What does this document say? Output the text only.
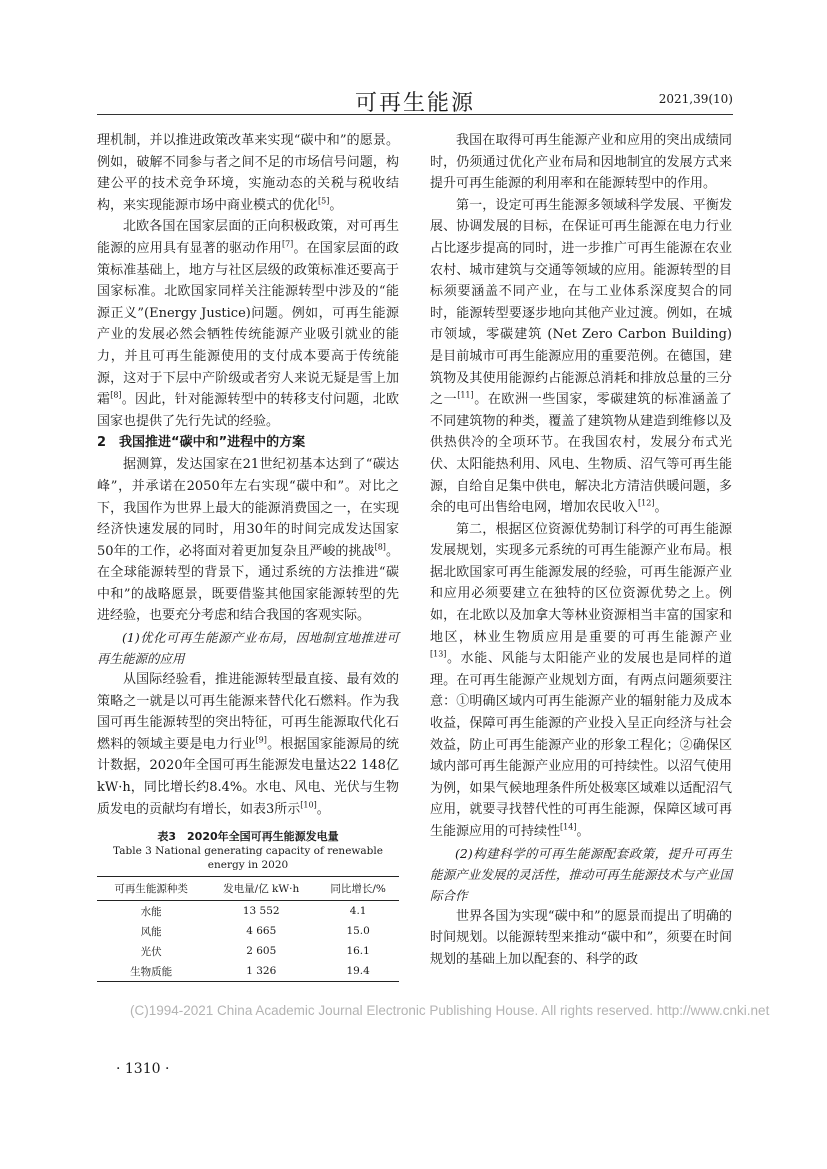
可再生能源	2021,39(10)

理机制，并以推进政策改革来实现“碳中和”的愿景。例如，破解不同参与者之间不足的市场信号问题，构建公平的技术竞争环境，实施动态的关税与税收结构，来实现能源市场中商业模式的优化[5]。

北欧各国在国家层面的正向积极政策，对可再生能源的应用具有显著的驱动作用[7]。在国家层面的政策标准基础上，地方与社区层级的政策标准还要高于国家标准。北欧国家同样关注能源转型中涉及的“能源正义”(Energy Justice)问题。例如，可再生能源产业的发展必然会牺牲传统能源产业吸引就业的能力，并且可再生能源使用的支付成本要高于传统能源，这对于下层中产阶级或者穷人来说无疑是雪上加霜[8]。因此，针对能源转型中的转移支付问题，北欧国家也提供了先行先试的经验。

2　我国推进“碳中和”进程中的方案

据测算，发达国家在21世纪初基本达到了“碳达峰”，并承诺在2050年左右实现“碳中和”。对比之下，我国作为世界上最大的能源消费国之一，在实现经济快速发展的同时，用30年的时间完成发达国家50年的工作，必将面对着更加复杂且严峻的挑战[8]。在全球能源转型的背景下，通过系统的方法推进“碳中和”的战略愿景，既要借鉴其他国家能源转型的先进经验，也要充分考虑和结合我国的客观实际。

(1)优化可再生能源产业布局，因地制宜地推进可再生能源的应用

从国际经验看，推进能源转型最直接、最有效的策略之一就是以可再生能源来替代化石燃料。作为我国可再生能源转型的突出特征，可再生能源取代化石燃料的领域主要是电力行业[9]。根据国家能源局的统计数据，2020年全国可再生能源发电量达22 148亿kW·h，同比增长约8.4%。水电、风电、光伏与生物质发电的贡献均有增长，如表3所示[10]。

表3　2020年全国可再生能源发电量
Table 3 National generating capacity of renewable energy in 2020
可再生能源种类	发电量/亿 kW·h	同比增长/%
水能	13 552	4.1
风能	4 665	15.0
光伏	2 605	16.1
生物质能	1 326	19.4

我国在取得可再生能源产业和应用的突出成绩同时，仍须通过优化产业布局和因地制宜的发展方式来提升可再生能源的利用率和在能源转型中的作用。

第一，设定可再生能源多领域科学发展、平衡发展、协调发展的目标，在保证可再生能源在电力行业占比逐步提高的同时，进一步推广可再生能源在农业农村、城市建筑与交通等领域的应用。能源转型的目标须要涵盖不同产业，在与工业体系深度契合的同时，能源转型要逐步地向其他产业过渡。例如，在城市领域，零碳建筑 (Net Zero Carbon Building)是目前城市可再生能源应用的重要范例。在德国，建筑物及其使用能源约占能源总消耗和排放总量的三分之一[11]。在欧洲一些国家，零碳建筑的标准涵盖了不同建筑物的种类，覆盖了建筑物从建造到维修以及供热供冷的全项环节。在我国农村，发展分布式光伏、太阳能热利用、风电、生物质、沼气等可再生能源，自给自足集中供电，解决北方清洁供暖问题，多余的电可出售给电网，增加农民收入[12]。

第二，根据区位资源优势制订科学的可再生能源发展规划，实现多元系统的可再生能源产业布局。根据北欧国家可再生能源发展的经验，可再生能源产业和应用必须要建立在独特的区位资源优势之上。例如，在北欧以及加拿大等林业资源相当丰富的国家和地区，林业生物质应用是重要的可再生能源产业[13]。水能、风能与太阳能产业的发展也是同样的道理。在可再生能源产业规划方面，有两点问题须要注意：①明确区域内可再生能源产业的辐射能力及成本收益，保障可再生能源的产业投入呈正向经济与社会效益，防止可再生能源产业的形象工程化；②确保区域内部可再生能源产业应用的可持续性。以沼气使用为例，如果气候地理条件所处极寒区域难以适配沼气应用，就要寻找替代性的可再生能源，保障区域可再生能源应用的可持续性[14]。

(2)构建科学的可再生能源配套政策，提升可再生能源产业发展的灵活性，推动可再生能源技术与产业国际合作

世界各国为实现“碳中和”的愿景而提出了明确的时间规划。以能源转型来推动“碳中和”，须要在时间规划的基础上加以配套的、科学的政

(C)1994-2021 China Academic Journal Electronic Publishing House. All rights reserved. http://www.cnki.net
· 1310 ·
